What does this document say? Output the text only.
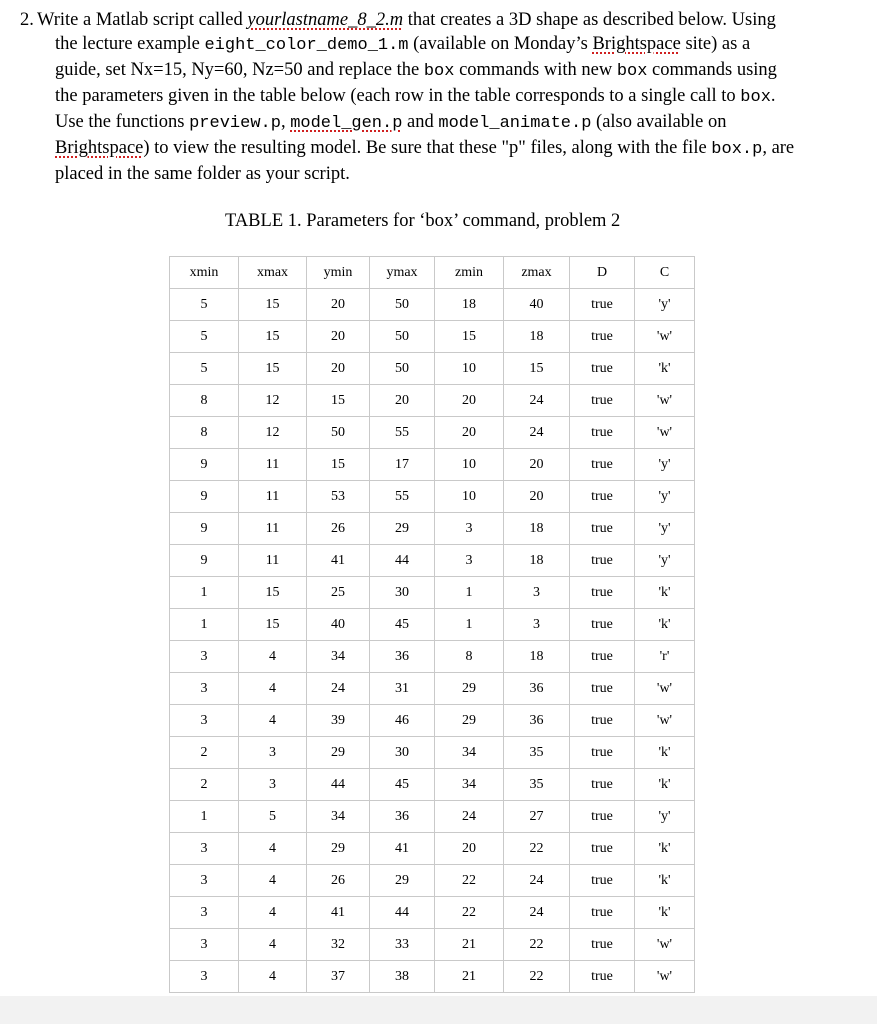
2. Write a Matlab script called yourlastname_8_2.m that creates a 3D shape as described below. Using
the lecture example eight_color_demo_1.m (available on Monday’s Brightspace site) as a
guide, set Nx=15, Ny=60, Nz=50 and replace the box commands with new box commands using
the parameters given in the table below (each row in the table corresponds to a single call to box.
Use the functions preview.p, model_gen.p and model_animate.p (also available on
Brightspace) to view the resulting model. Be sure that these "p" files, along with the file box.p, are
placed in the same folder as your script.
TABLE 1. Parameters for ‘box’ command, problem 2
xmin	xmax	ymin	ymax	zmin	zmax	D	C
5	15	20	50	18	40	true	'y'
5	15	20	50	15	18	true	'w'
5	15	20	50	10	15	true	'k'
8	12	15	20	20	24	true	'w'
8	12	50	55	20	24	true	'w'
9	11	15	17	10	20	true	'y'
9	11	53	55	10	20	true	'y'
9	11	26	29	3	18	true	'y'
9	11	41	44	3	18	true	'y'
1	15	25	30	1	3	true	'k'
1	15	40	45	1	3	true	'k'
3	4	34	36	8	18	true	'r'
3	4	24	31	29	36	true	'w'
3	4	39	46	29	36	true	'w'
2	3	29	30	34	35	true	'k'
2	3	44	45	34	35	true	'k'
1	5	34	36	24	27	true	'y'
3	4	29	41	20	22	true	'k'
3	4	26	29	22	24	true	'k'
3	4	41	44	22	24	true	'k'
3	4	32	33	21	22	true	'w'
3	4	37	38	21	22	true	'w'
